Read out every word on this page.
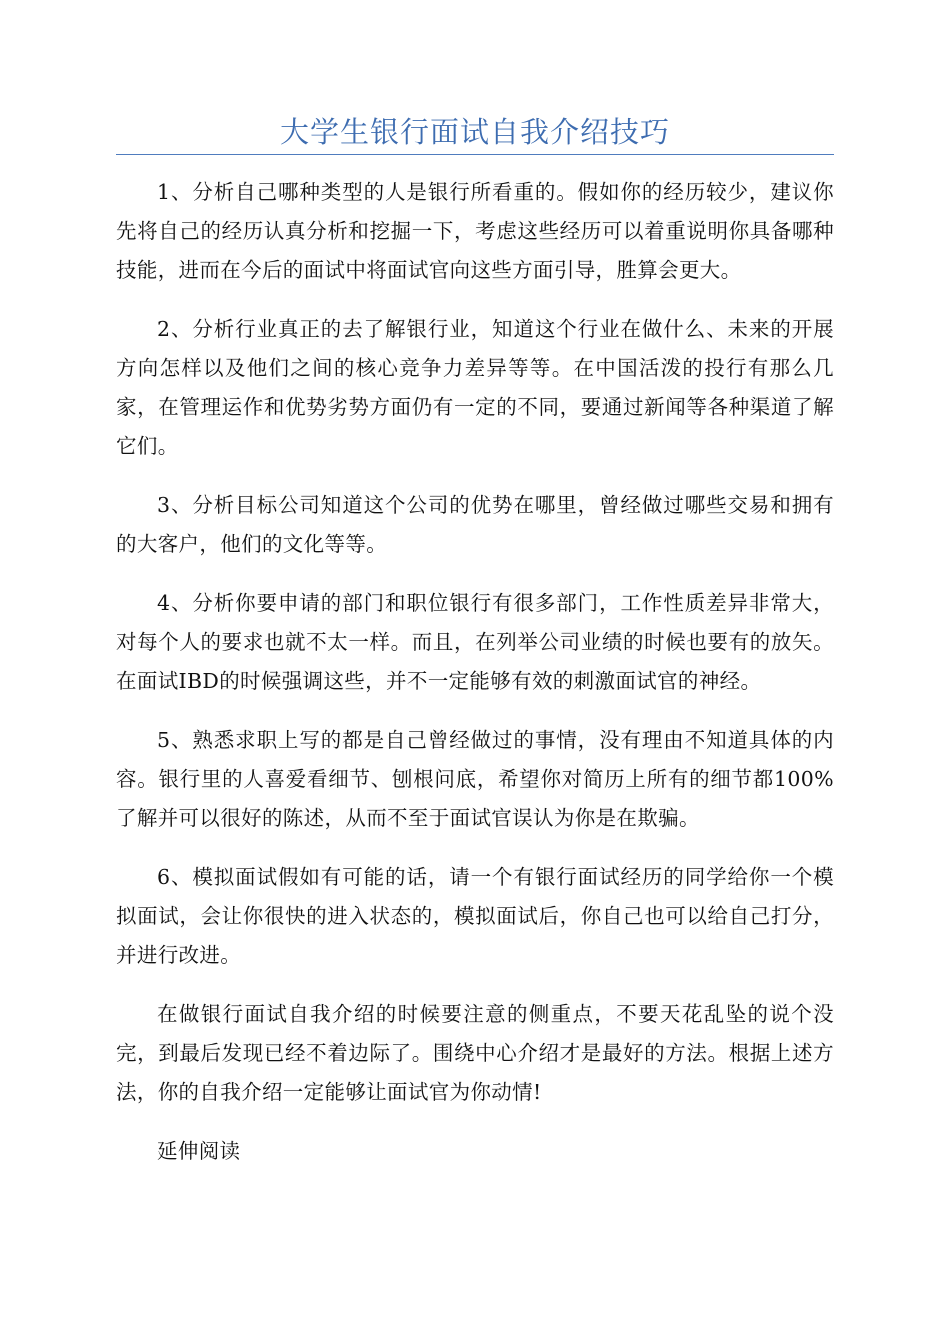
大学生银行面试自我介绍技巧

1、分析自己哪种类型的人是银行所看重的。假如你的经历较少，建议你先将自己的经历认真分析和挖掘一下，考虑这些经历可以着重说明你具备哪种技能，进而在今后的面试中将面试官向这些方面引导，胜算会更大。

2、分析行业真正的去了解银行业，知道这个行业在做什么、未来的开展方向怎样以及他们之间的核心竞争力差异等等。在中国活泼的投行有那么几家，在管理运作和优势劣势方面仍有一定的不同，要通过新闻等各种渠道了解它们。

3、分析目标公司知道这个公司的优势在哪里，曾经做过哪些交易和拥有的大客户，他们的文化等等。

4、分析你要申请的部门和职位银行有很多部门，工作性质差异非常大，对每个人的要求也就不太一样。而且，在列举公司业绩的时候也要有的放矢。在面试IBD的时候强调这些，并不一定能够有效的刺激面试官的神经。

5、熟悉求职上写的都是自己曾经做过的事情，没有理由不知道具体的内容。银行里的人喜爱看细节、刨根问底，希望你对简历上所有的细节都100%了解并可以很好的陈述，从而不至于面试官误认为你是在欺骗。

6、模拟面试假如有可能的话，请一个有银行面试经历的同学给你一个模拟面试，会让你很快的进入状态的，模拟面试后，你自己也可以给自己打分，并进行改进。

在做银行面试自我介绍的时候要注意的侧重点，不要天花乱坠的说个没完，到最后发现已经不着边际了。围绕中心介绍才是最好的方法。根据上述方法，你的自我介绍一定能够让面试官为你动情!

延伸阅读
